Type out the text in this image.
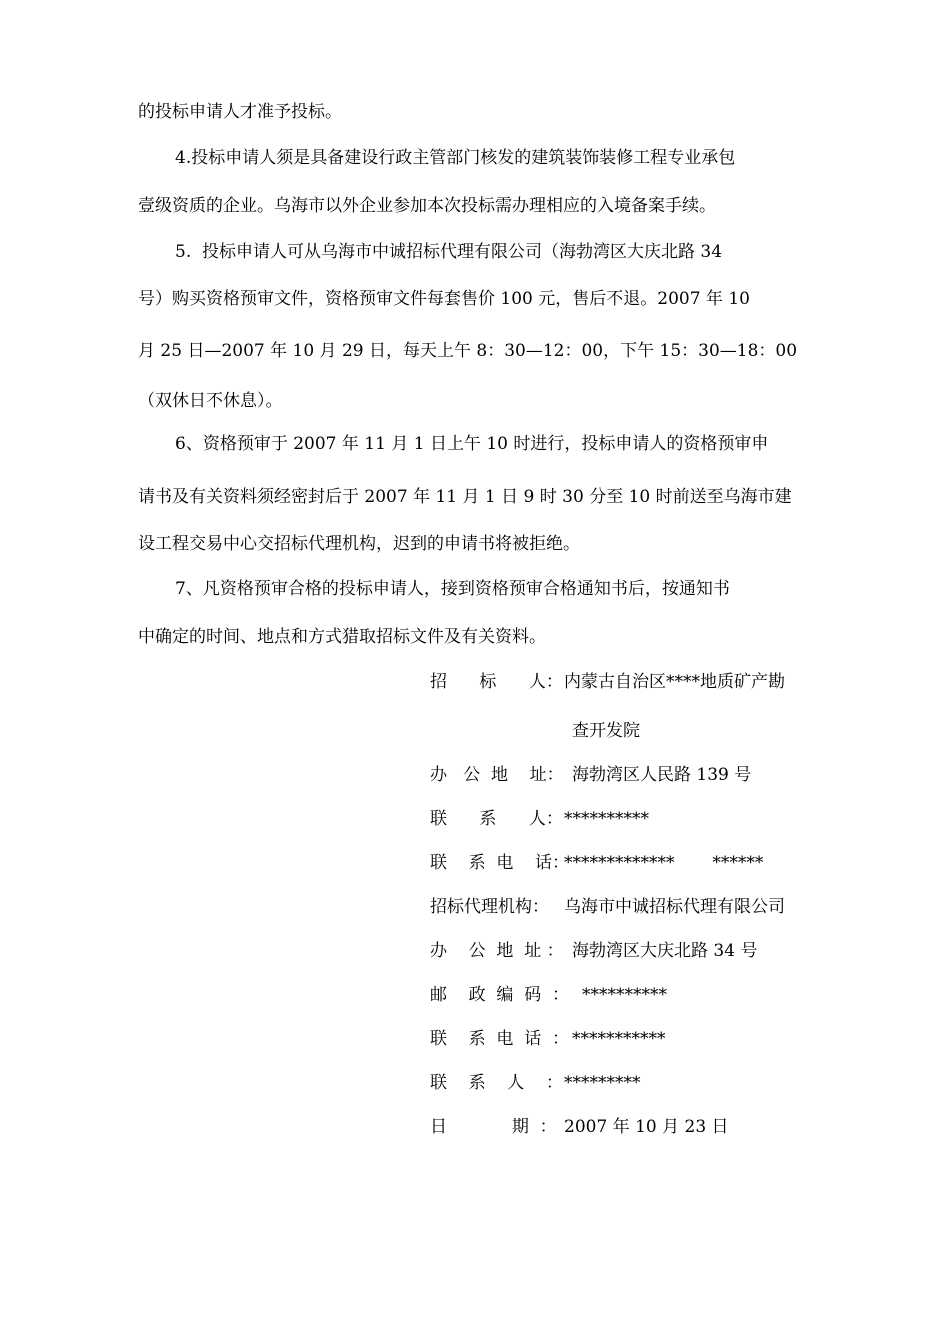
的投标申请人才准予投标。
4.投标申请人须是具备建设行政主管部门核发的建筑装饰装修工程专业承包
壹级资质的企业。乌海市以外企业参加本次投标需办理相应的入境备案手续。
5.  投标申请人可从乌海市中诚招标代理有限公司（海勃湾区大庆北路 34
号）购买资格预审文件，资格预审文件每套售价 100 元，售后不退。2007 年 10
月 25 日—2007 年 10 月 29 日，每天上午 8：30—12：00，下午 15：30—18：00
（双休日不休息）。
6、资格预审于 2007 年 11 月 1 日上午 10 时进行，投标申请人的资格预审申
请书及有关资料须经密封后于 2007 年 11 月 1 日 9 时 30 分至 10 时前送至乌海市建
设工程交易中心交招标代理机构，迟到的申请书将被拒绝。
7、凡资格预审合格的投标申请人，接到资格预审合格通知书后，按通知书
中确定的时间、地点和方式猎取招标文件及有关资料。
招      标      人： 内蒙古自治区****地质矿产勘
查开发院
办   公  地    址： 海勃湾区人民路 139 号
联      系      人： **********
联    系  电    话：
*************       ******
招标代理机构： 乌海市中诚招标代理有限公司
办    公  地  址 ： 海勃湾区大庆北路 34 号
邮    政  编  码  ： **********
联    系  电  话  ： ***********
联    系    人    ： *********
日            期  ： 2007 年 10 月 23 日
